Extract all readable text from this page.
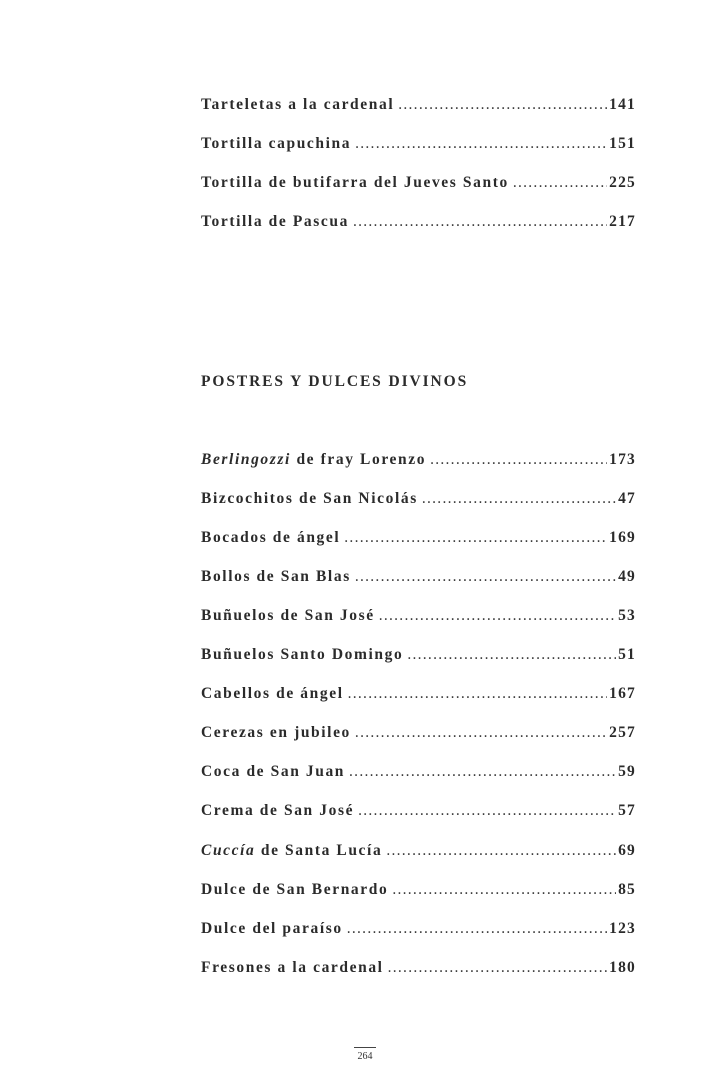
Tarteletas a la cardenal . . .	141
Tortilla capuchina . . .	151
Tortilla de butifarra del Jueves Santo . . .	225
Tortilla de Pascua . . .	217
POSTRES Y DULCES DIVINOS
Berlingozzi de fray Lorenzo . . .	173
Bizcochitos de San Nicolás . . .	47
Bocados de ángel . . .	169
Bollos de San Blas . . .	49
Buñuelos de San José . . .	53
Buñuelos Santo Domingo . . .	51
Cabellos de ángel . . .	167
Cerezas en jubileo . . .	257
Coca de San Juan . . .	59
Crema de San José . . .	57
Cuccía de Santa Lucía . . .	69
Dulce de San Bernardo . . .	85
Dulce del paraíso . . .	123
Fresones a la cardenal . . .	180
264
